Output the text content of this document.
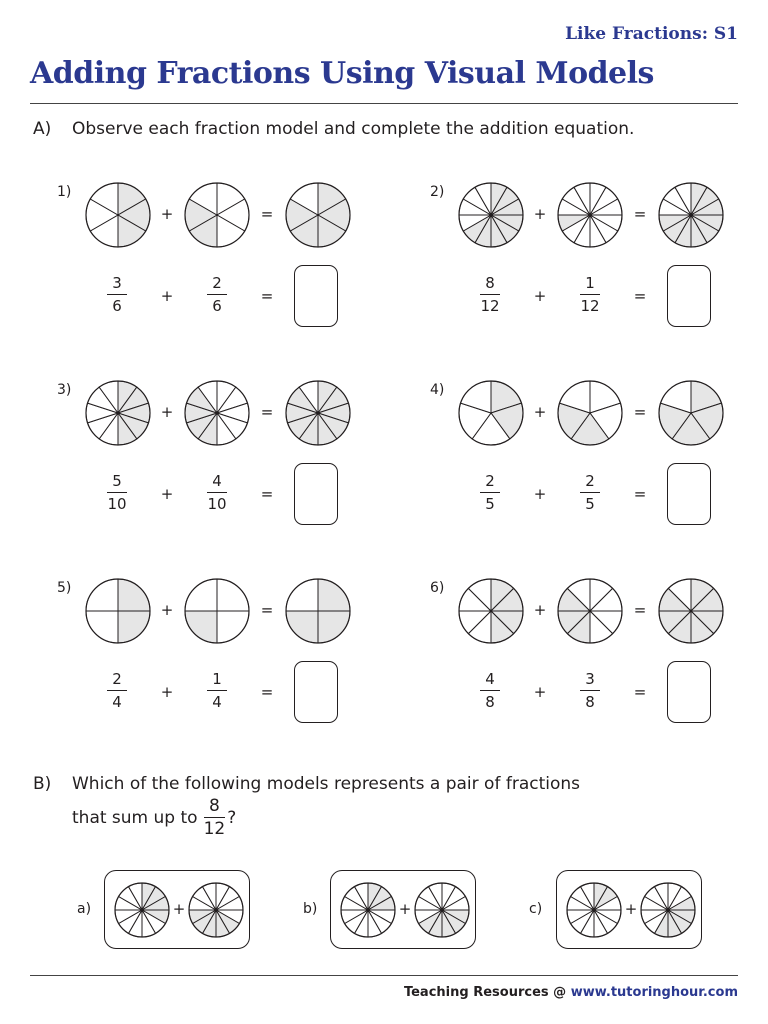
Like Fractions: S1
Adding Fractions Using Visual Models
A) Observe each fraction model and complete the addition equation.
1)
+	=
3
6
2
6
+	=
2)
+	=
8
12
1
12
+	=
3)
+	=
5
10
4
10
+	=
4)
+	=
2
5
2
5
+	=
5)
+	=
2
4
1
4
+	=
6)
+	=
4
8
3
8
+	=
B) Which of the following models represents a pair of fractions
that sum up to $\frac{8}{12}$ ?
a)	+	b)	+	c)	+
Teaching Resources @ www.tutoringhour.com
